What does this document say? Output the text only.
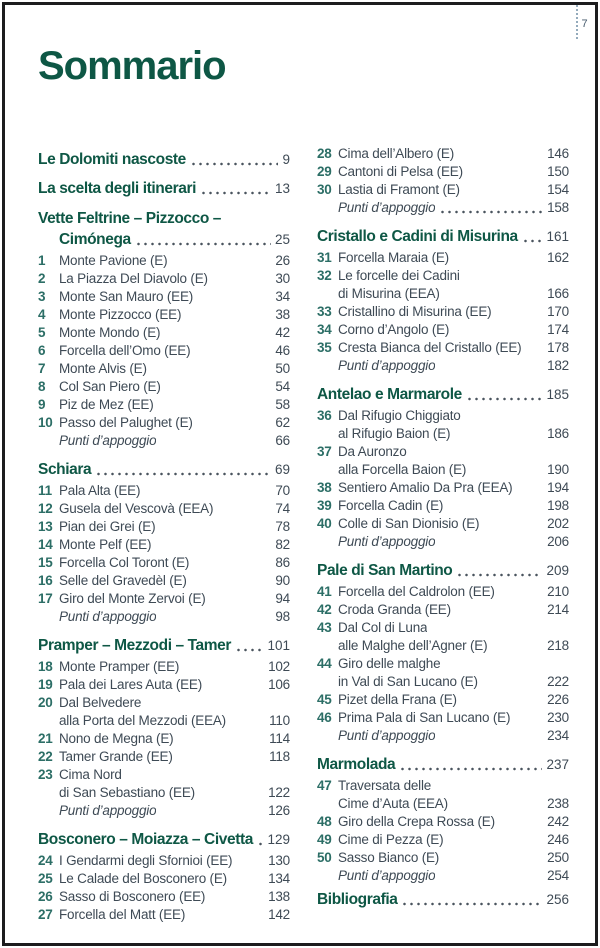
7
Sommario
Le Dolomiti nascoste	9
La scelta degli itinerari	13
Vette Feltrine – Pizzocco –
Cimónega	25
1	Monte Pavione (E)	26
2	La Piazza Del Diavolo (E)	30
3	Monte San Mauro (EE)	34
4	Monte Pizzocco (EE)	38
5	Monte Mondo (E)	42
6	Forcella dell’Omo (EE)	46
7	Monte Alvis (E)	50
8	Col San Piero (E)	54
9	Piz de Mez (EE)	58
10 Passo del Palughet (E)	62
Punti d’appoggio	66
Schiara	69
11 Pala Alta (EE)	70
12 Gusela del Vescovà (EEA)	74
13 Pian dei Grei (E)	78
14 Monte Pelf (EE)	82
15 Forcella Col Toront (E)	86
16 Selle del Gravedèl (E)	90
17 Giro del Monte Zervoi (E)	94
Punti d’appoggio	98
Pramper – Mezzodi – Tamer	101
18 Monte Pramper (EE)	102
19 Pala dei Lares Auta (EE)	106
20 Dal Belvedere
alla Porta del Mezzodi (EEA)	110
21 Nono de Megna (E)	114
22 Tamer Grande (EE)	118
23 Cima Nord
di San Sebastiano (EE)	122
Punti d’appoggio	126
Bosconero – Moiazza – Civetta 129
24 I Gendarmi degli Sfornioi (EE)	130
25 Le Calade del Bosconero (E)	134
26 Sasso di Bosconero (EE)	138
27 Forcella del Matt (EE)	142
28 Cima dell’Albero (E)	146
29 Cantoni di Pelsa (EE)	150
30 Lastia di Framont (E)	154
Punti d’appoggio	158
Cristallo e Cadini di Misurina 161
31 Forcella Maraia (E)	162
32 Le forcelle dei Cadini
di Misurina (EEA)	166
33 Cristallino di Misurina (EE)	170
34 Corno d’Angolo (E)	174
35 Cresta Bianca del Cristallo (EE) 178
Punti d’appoggio	182
Antelao e Marmarole	185
36 Dal Rifugio Chiggiato
al Rifugio Baion (E)	186
37 Da Auronzo
alla Forcella Baion (E)	190
38 Sentiero Amalio Da Pra (EEA)	194
39 Forcella Cadin (E)	198
40 Colle di San Dionisio (E)	202
Punti d’appoggio	206
Pale di San Martino	209
41 Forcella del Caldrolon (EE)	210
42 Croda Granda (EE)	214
43 Dal Col di Luna
alle Malghe dell’Agner (E)	218
44 Giro delle malghe
in Val di San Lucano (E)	222
45 Pizet della Frana (E)	226
46 Prima Pala di San Lucano (E)	230
Punti d’appoggio	234
Marmolada	237
47 Traversata delle
Cime d’Auta (EEA)	238
48 Giro della Crepa Rossa (E)	242
49 Cime di Pezza (E)	246
50 Sasso Bianco (E)	250
Punti d’appoggio	254
Bibliografia	256
